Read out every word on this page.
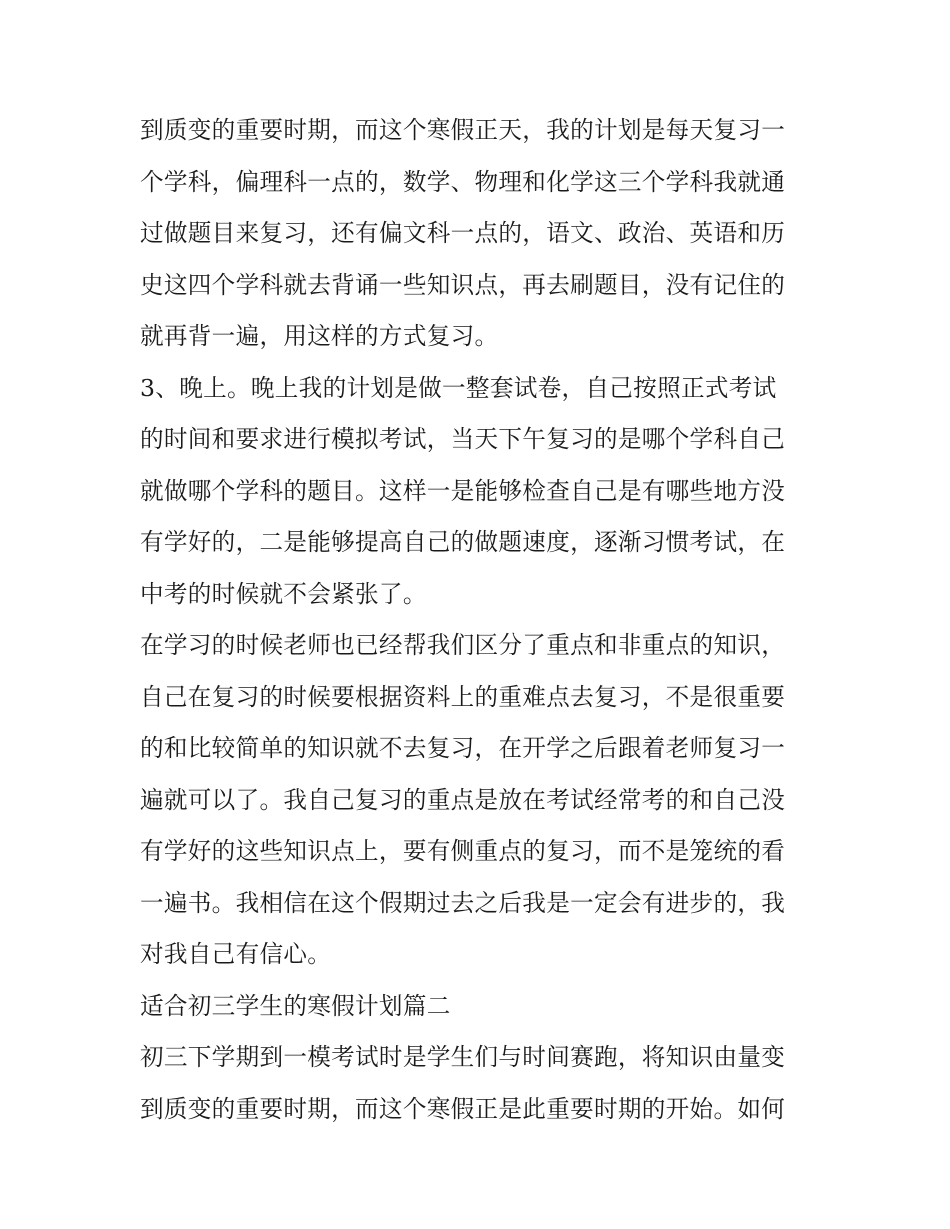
到质变的重要时期，而这个寒假正天，我的计划是每天复习一
个学科，偏理科一点的，数学、物理和化学这三个学科我就通
过做题目来复习，还有偏文科一点的，语文、政治、英语和历
史这四个学科就去背诵一些知识点，再去刷题目，没有记住的
就再背一遍，用这样的方式复习。
3、晚上。晚上我的计划是做一整套试卷，自己按照正式考试
的时间和要求进行模拟考试，当天下午复习的是哪个学科自己
就做哪个学科的题目。这样一是能够检查自己是有哪些地方没
有学好的，二是能够提高自己的做题速度，逐渐习惯考试，在
中考的时候就不会紧张了。
在学习的时候老师也已经帮我们区分了重点和非重点的知识，
自己在复习的时候要根据资料上的重难点去复习，不是很重要
的和比较简单的知识就不去复习，在开学之后跟着老师复习一
遍就可以了。我自己复习的重点是放在考试经常考的和自己没
有学好的这些知识点上，要有侧重点的复习，而不是笼统的看
一遍书。我相信在这个假期过去之后我是一定会有进步的，我
对我自己有信心。
适合初三学生的寒假计划篇二
初三下学期到一模考试时是学生们与时间赛跑，将知识由量变
到质变的重要时期，而这个寒假正是此重要时期的开始。如何
